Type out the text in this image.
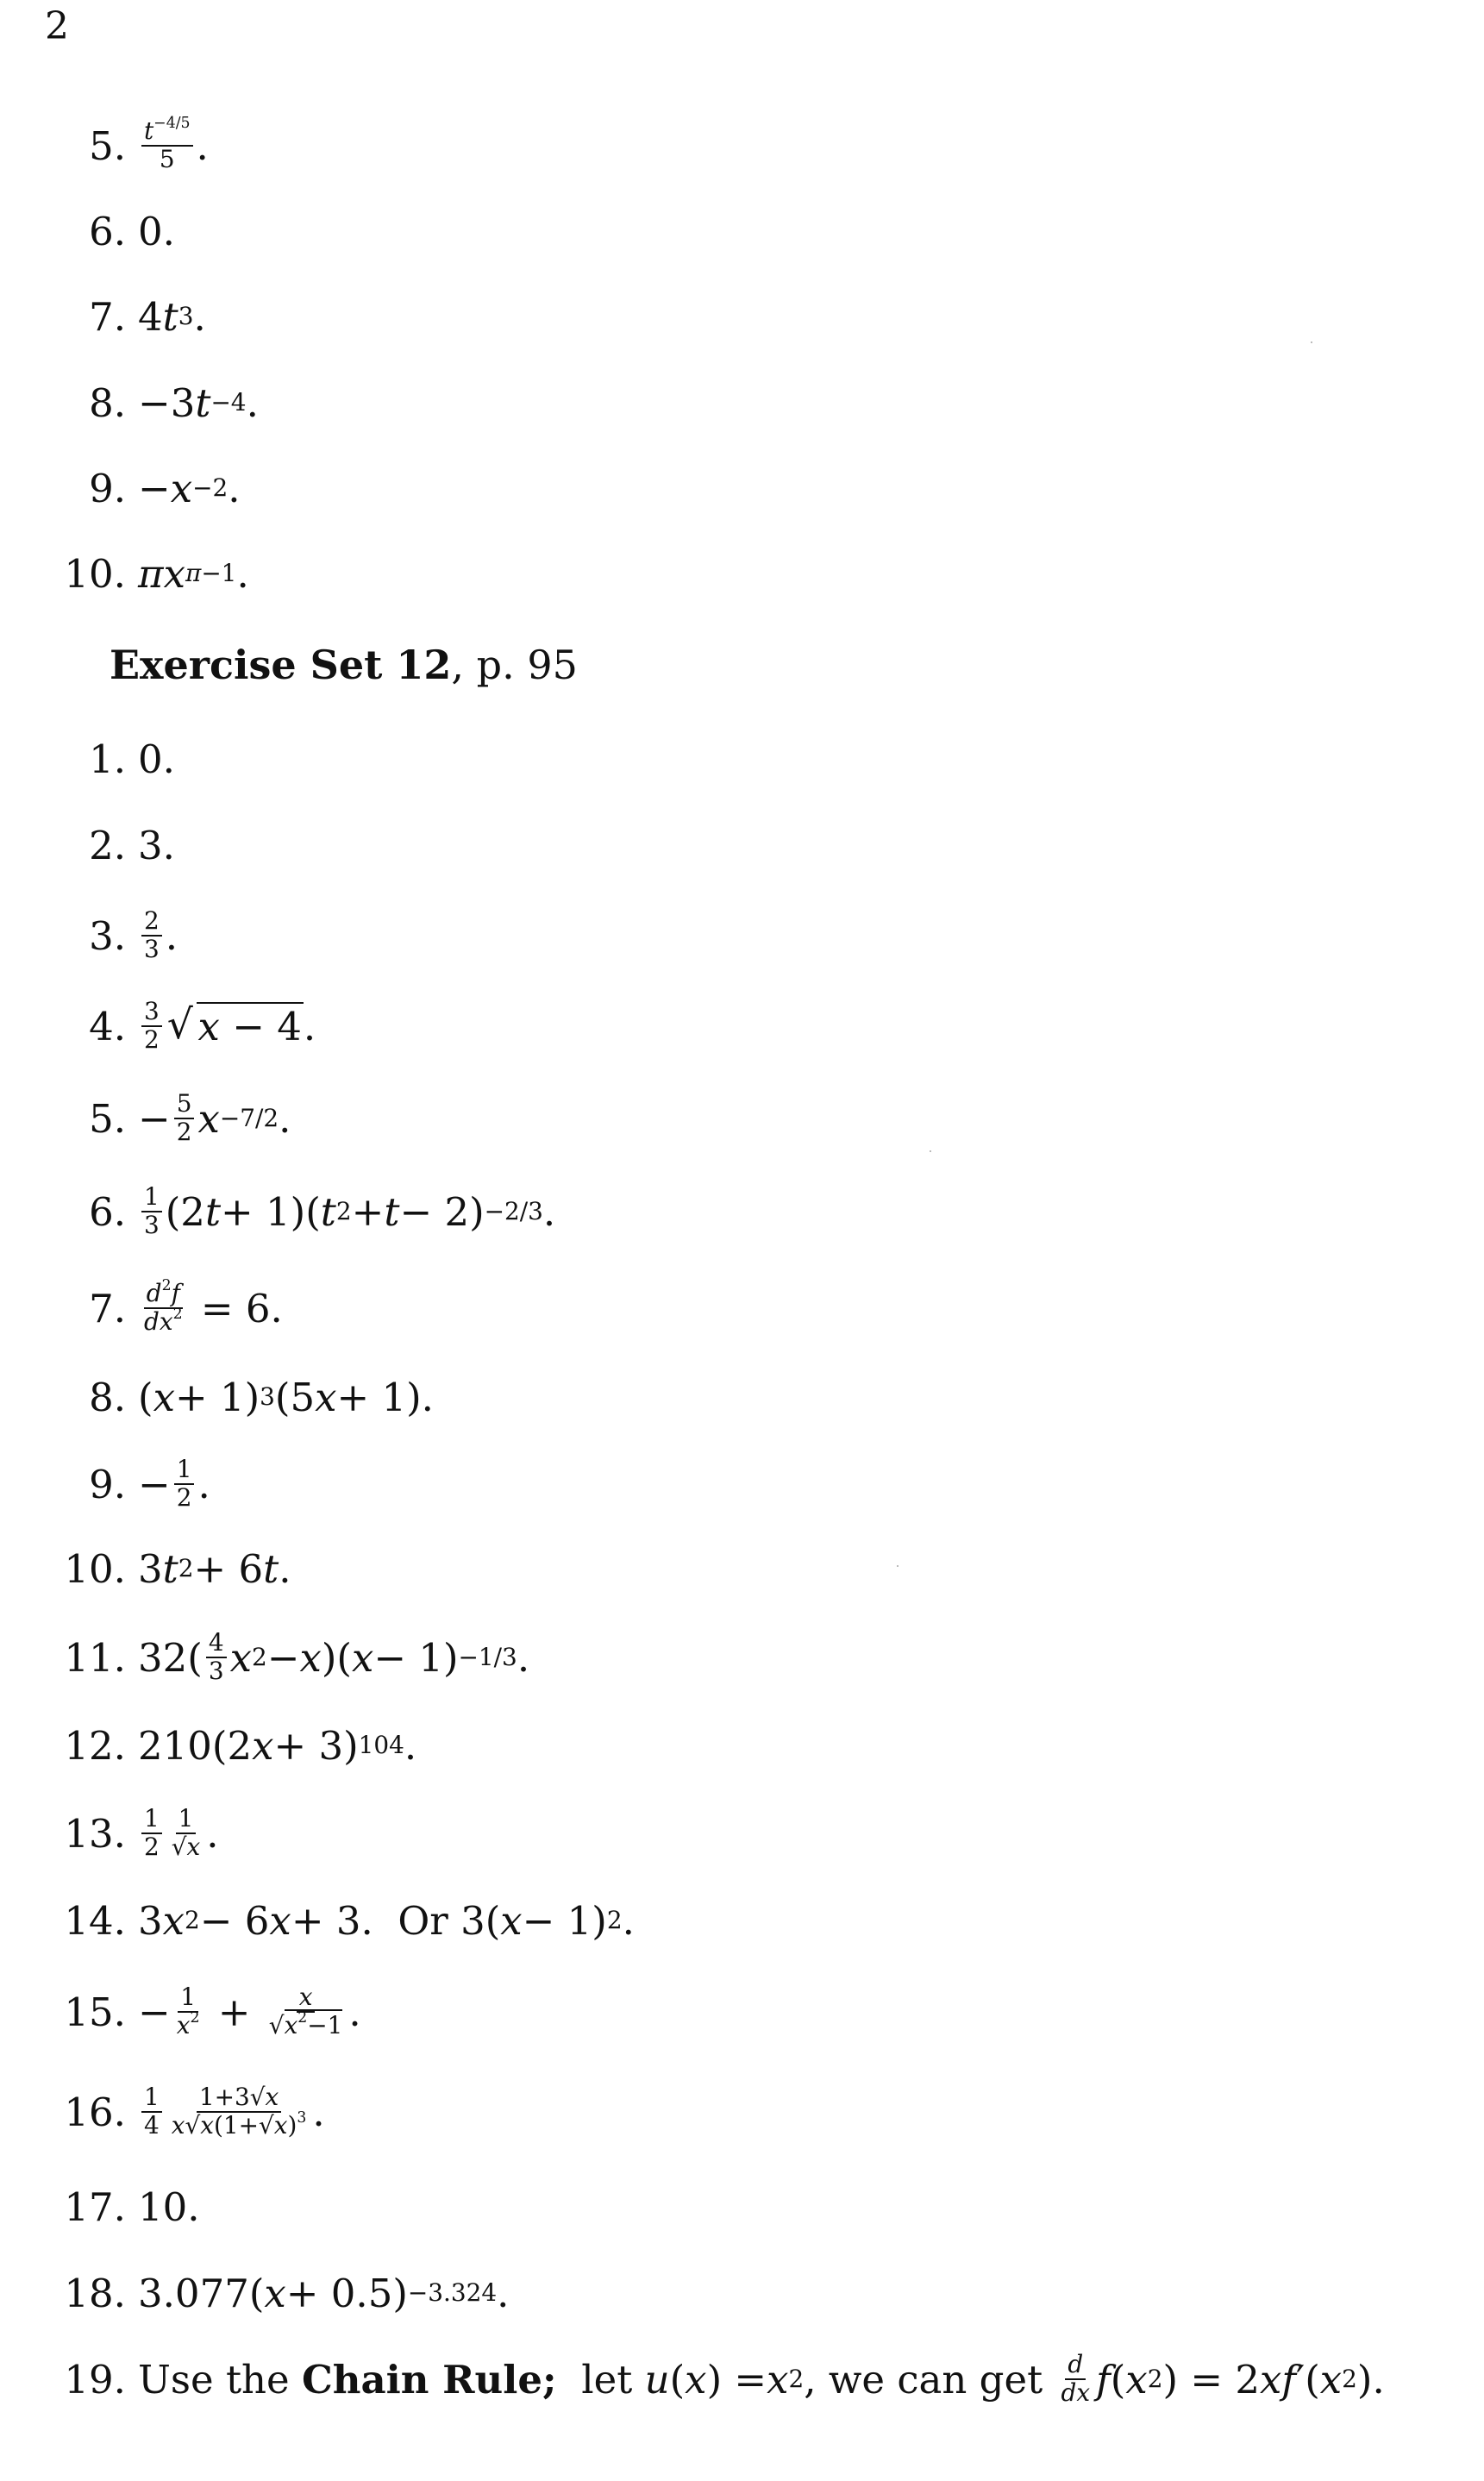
2
5. $\frac{t^{-4/5}}{5}$ .
6. 0.
7. 4 t 3 .
8. −3 t −4 .
9. − x −2 .
10. πx π−1 .
Exercise Set 12 , p. 95
1. 0.
2. 3.
3. $\frac{2}{3}$ .
4. $\frac{3}{2}$ √ x − 4 .
5. − $\frac{5}{2}$ x −7/2 .
6. $\frac{1}{3} (2$ t + 1)( t 2 + t − 2) −2/3 .
7. $\frac{d^2f}{dx^2} = 6$.
8. ( x + 1) 3 (5 x + 1).
9. − $\frac{1}{2}$ .
10. 3 t 2 + 6 t .
11. $32( \frac{4}{3}$ x 2 − x )( x − 1) −1/3 .
12. 210(2 x + 3) 104 .
13. $\frac{1}{2} \frac{1}{√x}$ .
14. 3 x 2 − 6 x + 3.  Or 3( x − 1) 2 .
15. − $\frac{1}{x^2} + \frac{x}{√x^2-1}$ .
16. $\frac{1}{4} \frac{1+3√x}{x√x(1+√x)^3}$ .
17. 10.
18. 3.077( x + 0.5) −3.324 .
19. Use the Chain Rule; let u ( x ) = x 2 , we can get $\frac{d}{dx}$ f ( x 2 ) = 2 xf ′( x 2 ).
